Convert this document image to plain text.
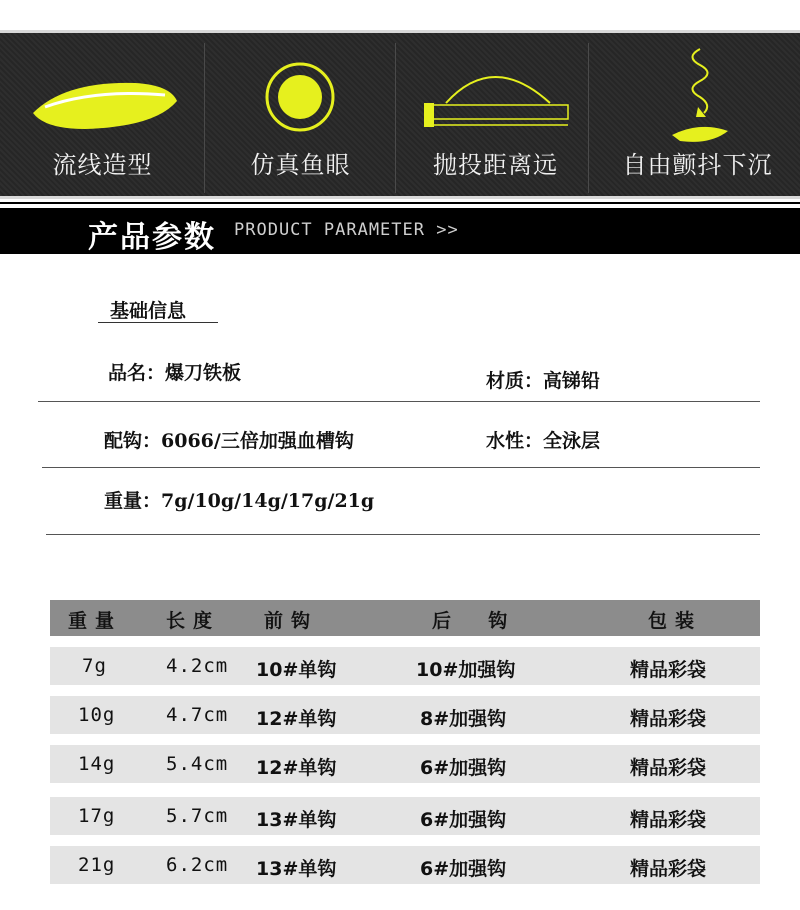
流线造型	仿真鱼眼	抛投距离远	自由颤抖下沉
产品参数 PRODUCT PARAMETER >>
基础信息
品名：爆刀铁板	材质：高锑铅
配钩：6066/三倍加强血槽钩	水性：全泳层
重量：7g/10g/14g/17g/21g
重量 长度 前钩	后  钩	包装
7g	4.2cm 10#单钩	10#加强钩	精品彩袋
10g	4.7cm 12#单钩	8#加强钩	精品彩袋
14g	5.4cm 12#单钩	6#加强钩	精品彩袋
17g	5.7cm 13#单钩	6#加强钩	精品彩袋
21g	6.2cm 13#单钩	6#加强钩	精品彩袋
